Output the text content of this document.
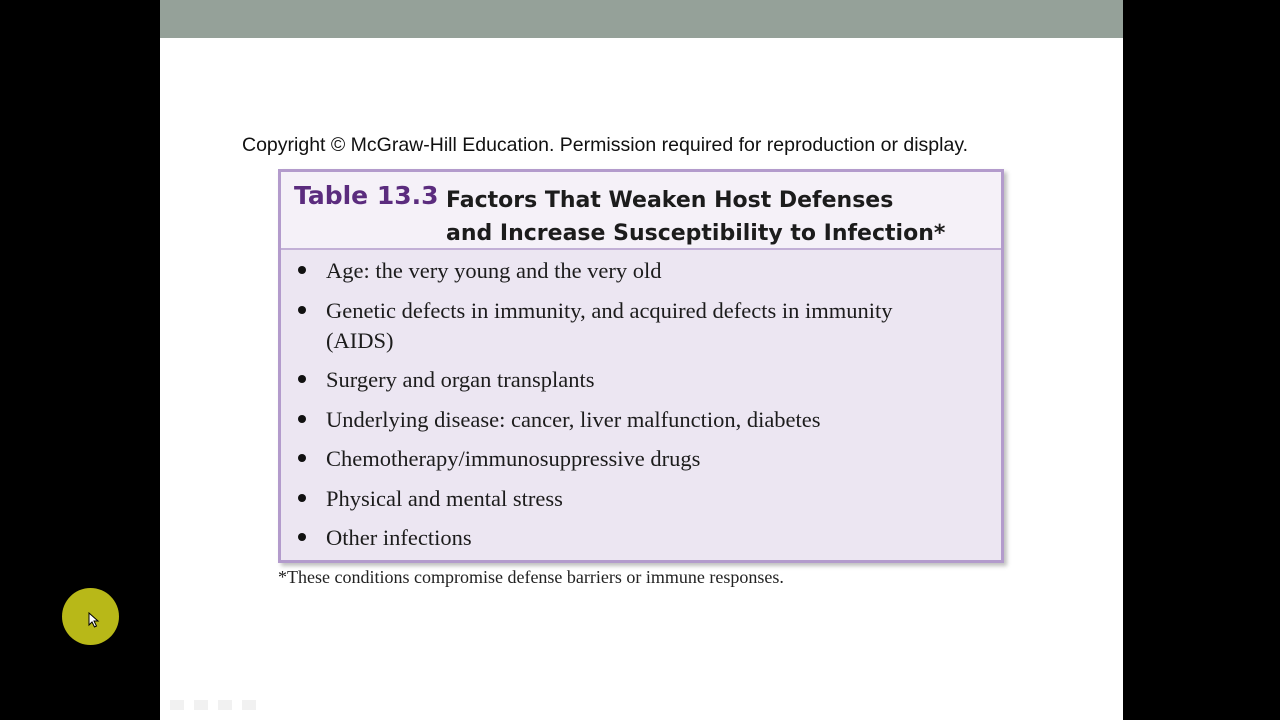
Copyright © McGraw-Hill Education. Permission required for reproduction or display.
Table 13.3 Factors That Weaken Host Defenses
and Increase Susceptibility to Infection*
Age: the very young and the very old
Genetic defects in immunity, and acquired defects in immunity (AIDS)
Surgery and organ transplants
Underlying disease: cancer, liver malfunction, diabetes
Chemotherapy/immunosuppressive drugs
Physical and mental stress
Other infections
*These conditions compromise defense barriers or immune responses.
